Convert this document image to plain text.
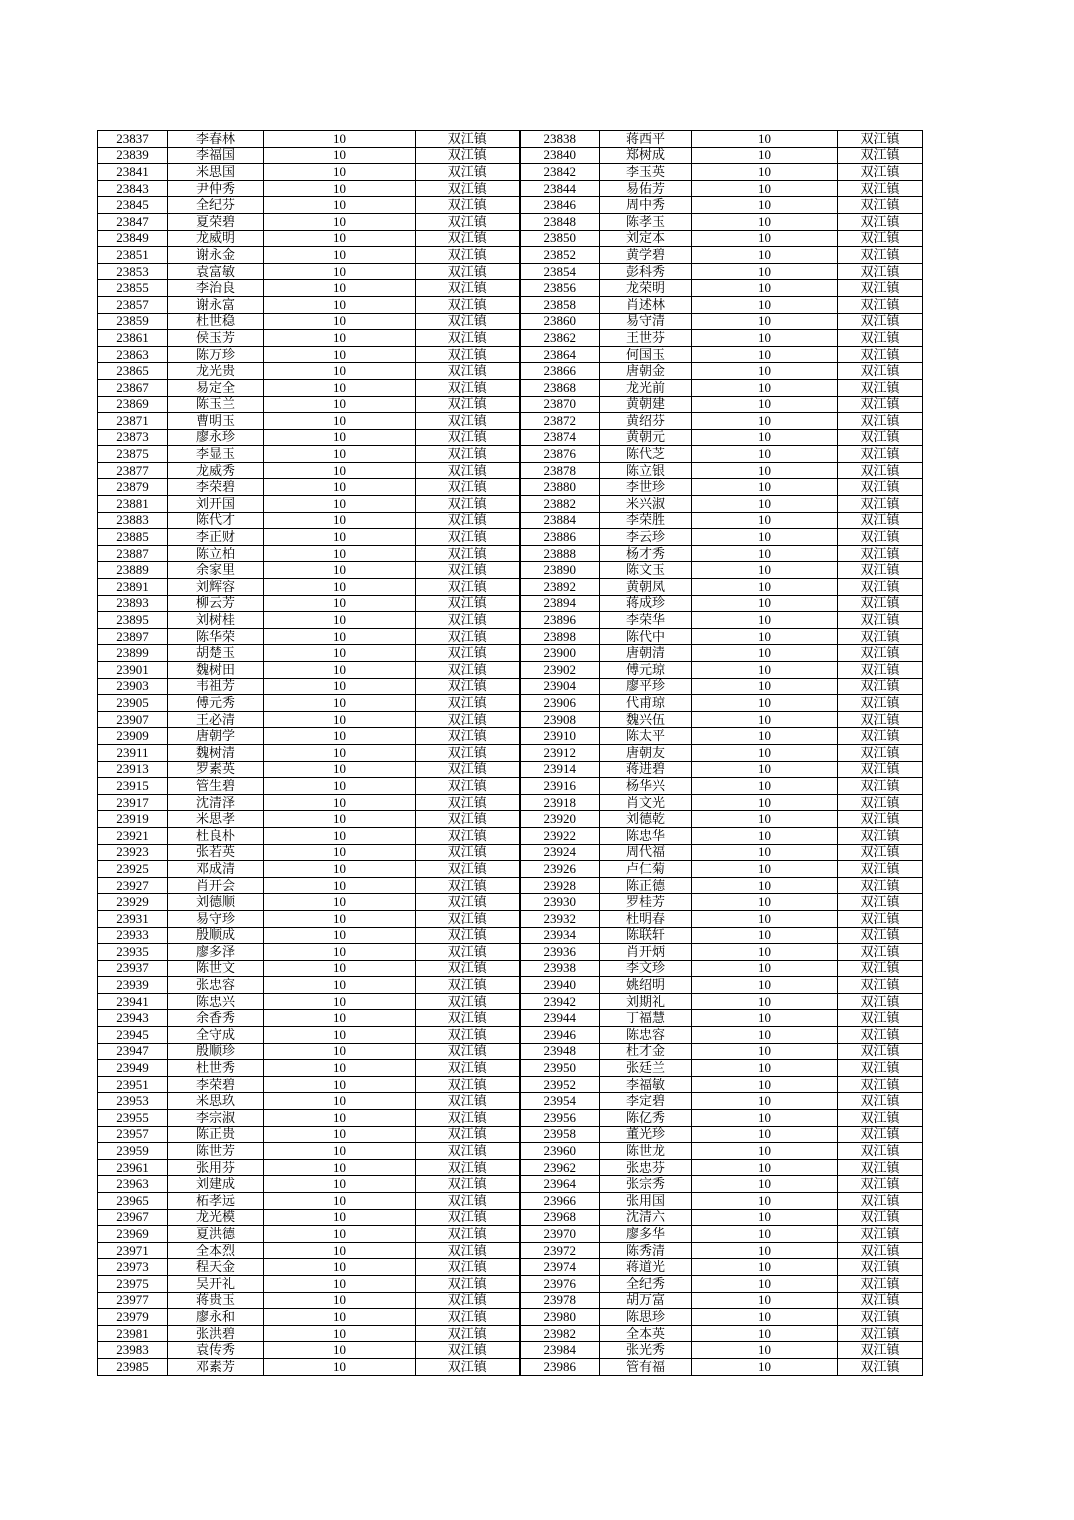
23837	李春林	10	双江镇	23838	蒋西平	10	双江镇
23839	李福国	10	双江镇	23840	郑树成	10	双江镇
23841	米思国	10	双江镇	23842	李玉英	10	双江镇
23843	尹仲秀	10	双江镇	23844	易佑芳	10	双江镇
23845	全纪芬	10	双江镇	23846	周中秀	10	双江镇
23847	夏荣碧	10	双江镇	23848	陈孝玉	10	双江镇
23849	龙威明	10	双江镇	23850	刘定本	10	双江镇
23851	谢永金	10	双江镇	23852	黄学碧	10	双江镇
23853	袁富敏	10	双江镇	23854	彭科秀	10	双江镇
23855	李治良	10	双江镇	23856	龙荣明	10	双江镇
23857	谢永富	10	双江镇	23858	肖述林	10	双江镇
23859	杜世稳	10	双江镇	23860	易守清	10	双江镇
23861	侯玉芳	10	双江镇	23862	王世芬	10	双江镇
23863	陈万珍	10	双江镇	23864	何国玉	10	双江镇
23865	龙光贵	10	双江镇	23866	唐朝金	10	双江镇
23867	易定全	10	双江镇	23868	龙光前	10	双江镇
23869	陈玉兰	10	双江镇	23870	黄朝建	10	双江镇
23871	曹明玉	10	双江镇	23872	黄绍芬	10	双江镇
23873	廖永珍	10	双江镇	23874	黄朝元	10	双江镇
23875	李显玉	10	双江镇	23876	陈代芝	10	双江镇
23877	龙威秀	10	双江镇	23878	陈立银	10	双江镇
23879	李荣碧	10	双江镇	23880	李世珍	10	双江镇
23881	刘开国	10	双江镇	23882	米兴淑	10	双江镇
23883	陈代才	10	双江镇	23884	李荣胜	10	双江镇
23885	李正财	10	双江镇	23886	李云珍	10	双江镇
23887	陈立柏	10	双江镇	23888	杨才秀	10	双江镇
23889	余家里	10	双江镇	23890	陈文玉	10	双江镇
23891	刘辉容	10	双江镇	23892	黄朝凤	10	双江镇
23893	柳云芳	10	双江镇	23894	蒋成珍	10	双江镇
23895	刘树桂	10	双江镇	23896	李荣华	10	双江镇
23897	陈华荣	10	双江镇	23898	陈代中	10	双江镇
23899	胡楚玉	10	双江镇	23900	唐朝清	10	双江镇
23901	魏树田	10	双江镇	23902	傅元琼	10	双江镇
23903	韦祖芳	10	双江镇	23904	廖平珍	10	双江镇
23905	傅元秀	10	双江镇	23906	代甫琼	10	双江镇
23907	王必清	10	双江镇	23908	魏兴伍	10	双江镇
23909	唐朝学	10	双江镇	23910	陈太平	10	双江镇
23911	魏树清	10	双江镇	23912	唐朝友	10	双江镇
23913	罗素英	10	双江镇	23914	蒋进碧	10	双江镇
23915	管生碧	10	双江镇	23916	杨华兴	10	双江镇
23917	沈清泽	10	双江镇	23918	肖文光	10	双江镇
23919	米思孝	10	双江镇	23920	刘德乾	10	双江镇
23921	杜良朴	10	双江镇	23922	陈忠华	10	双江镇
23923	张若英	10	双江镇	23924	周代福	10	双江镇
23925	邓成清	10	双江镇	23926	卢仁菊	10	双江镇
23927	肖开会	10	双江镇	23928	陈正德	10	双江镇
23929	刘德顺	10	双江镇	23930	罗桂芳	10	双江镇
23931	易守珍	10	双江镇	23932	杜明春	10	双江镇
23933	殷顺成	10	双江镇	23934	陈联轩	10	双江镇
23935	廖多泽	10	双江镇	23936	肖开炳	10	双江镇
23937	陈世文	10	双江镇	23938	李文珍	10	双江镇
23939	张忠容	10	双江镇	23940	姚绍明	10	双江镇
23941	陈忠兴	10	双江镇	23942	刘期礼	10	双江镇
23943	余香秀	10	双江镇	23944	丁福慧	10	双江镇
23945	全守成	10	双江镇	23946	陈忠容	10	双江镇
23947	殷顺珍	10	双江镇	23948	杜才金	10	双江镇
23949	杜世秀	10	双江镇	23950	张廷兰	10	双江镇
23951	李荣碧	10	双江镇	23952	李福敏	10	双江镇
23953	米思玖	10	双江镇	23954	李定碧	10	双江镇
23955	李宗淑	10	双江镇	23956	陈亿秀	10	双江镇
23957	陈正贵	10	双江镇	23958	董光珍	10	双江镇
23959	陈世芳	10	双江镇	23960	陈世龙	10	双江镇
23961	张用芬	10	双江镇	23962	张忠芬	10	双江镇
23963	刘建成	10	双江镇	23964	张宗秀	10	双江镇
23965	柘孝远	10	双江镇	23966	张用国	10	双江镇
23967	龙光模	10	双江镇	23968	沈清六	10	双江镇
23969	夏洪德	10	双江镇	23970	廖多华	10	双江镇
23971	全本烈	10	双江镇	23972	陈秀清	10	双江镇
23973	程天金	10	双江镇	23974	蒋道光	10	双江镇
23975	吴开礼	10	双江镇	23976	全纪秀	10	双江镇
23977	蒋贵玉	10	双江镇	23978	胡万富	10	双江镇
23979	廖永和	10	双江镇	23980	陈思珍	10	双江镇
23981	张洪碧	10	双江镇	23982	全本英	10	双江镇
23983	袁传秀	10	双江镇	23984	张光秀	10	双江镇
23985	邓素芳	10	双江镇	23986	管有福	10	双江镇
